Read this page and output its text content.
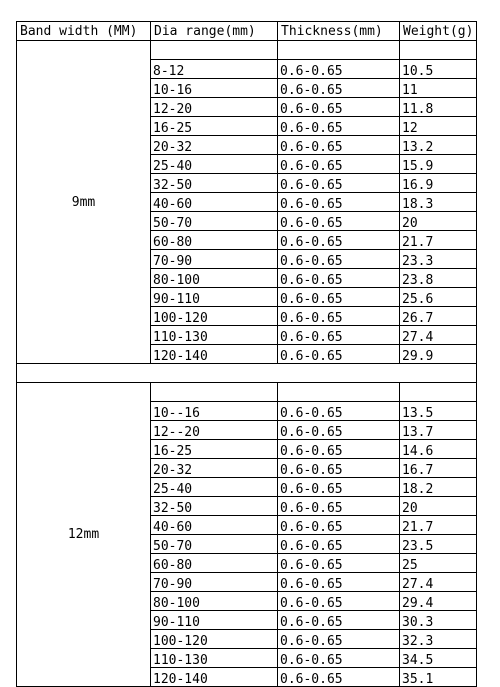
Band width (MM)	Dia range(mm)	Thickness(mm)	Weight(g)
9mm			
	8-12	0.6-0.65	10.5
	10-16	0.6-0.65	11
	12-20	0.6-0.65	11.8
	16-25	0.6-0.65	12
	20-32	0.6-0.65	13.2
	25-40	0.6-0.65	15.9
	32-50	0.6-0.65	16.9
	40-60	0.6-0.65	18.3
	50-70	0.6-0.65	20
	60-80	0.6-0.65	21.7
	70-90	0.6-0.65	23.3
	80-100	0.6-0.65	23.8
	90-110	0.6-0.65	25.6
	100-120	0.6-0.65	26.7
	110-130	0.6-0.65	27.4
	120-140	0.6-0.65	29.9

12mm			
	10--16	0.6-0.65	13.5
	12--20	0.6-0.65	13.7
	16-25	0.6-0.65	14.6
	20-32	0.6-0.65	16.7
	25-40	0.6-0.65	18.2
	32-50	0.6-0.65	20
	40-60	0.6-0.65	21.7
	50-70	0.6-0.65	23.5
	60-80	0.6-0.65	25
	70-90	0.6-0.65	27.4
	80-100	0.6-0.65	29.4
	90-110	0.6-0.65	30.3
	100-120	0.6-0.65	32.3
	110-130	0.6-0.65	34.5
	120-140	0.6-0.65	35.1
